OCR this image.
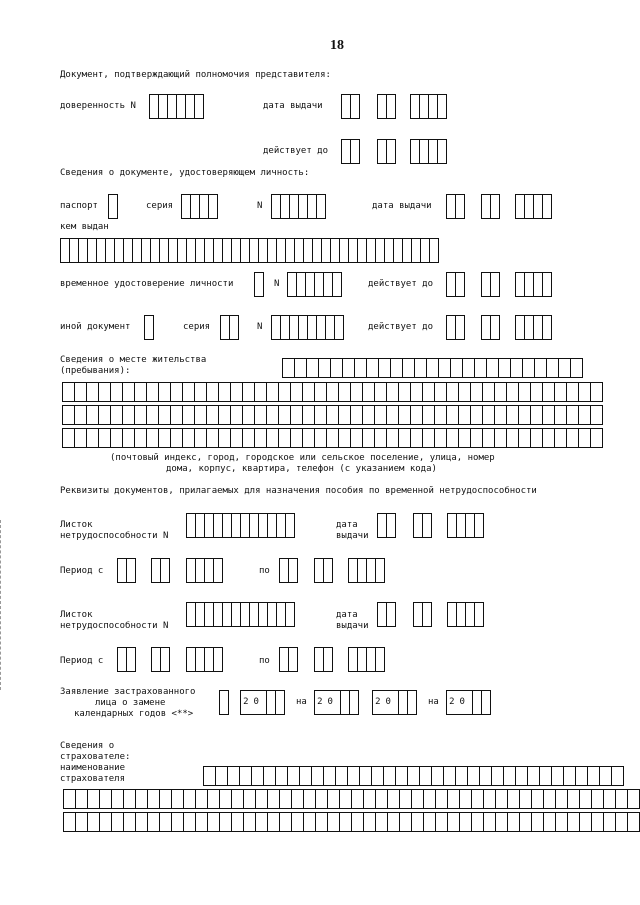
18
Документ, подтверждающий полномочия представителя:
доверенность N	дата выдачи
действует до
Сведения о документе, удостоверяющем личность:
паспорт	серия	N	дата выдачи
кем выдан
временное удостоверение личности	N	действует до
иной документ	серия	N	действует до
Сведения о месте жительства
(пребывания):
(почтовый индекс, город, городское или сельское поселение, улица, номер
дома, корпус, квартира, телефон (с указанием кода)
Реквизиты документов, прилагаемых для назначения пособия по временной нетрудоспособности
Листок
нетрудоспособности N
дата
выдачи
Период с	по
Листок
нетрудоспособности N
дата
выдачи
Период с	по
Заявление застрахованного
лица о замене
календарных годов <**>
20	на	20	20	на	20
Сведения о
страхователе:
наименование
страхователя
